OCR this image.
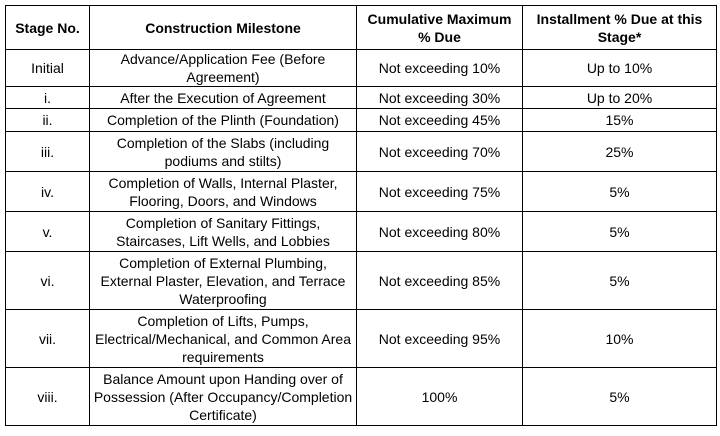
Stage No.	Construction Milestone	Cumulative Maximum % Due	Installment % Due at this Stage*
Initial	Advance/Application Fee (Before Agreement)	Not exceeding 10%	Up to 10%
i.	After the Execution of Agreement	Not exceeding 30%	Up to 20%
ii.	Completion of the Plinth (Foundation)	Not exceeding 45%	15%
iii.	Completion of the Slabs (including podiums and stilts)	Not exceeding 70%	25%
iv.	Completion of Walls, Internal Plaster, Flooring, Doors, and Windows	Not exceeding 75%	5%
v.	Completion of Sanitary Fittings, Staircases, Lift Wells, and Lobbies	Not exceeding 80%	5%
vi.	Completion of External Plumbing, External Plaster, Elevation, and Terrace Waterproofing	Not exceeding 85%	5%
vii.	Completion of Lifts, Pumps, Electrical/Mechanical, and Common Area requirements	Not exceeding 95%	10%
viii.	Balance Amount upon Handing over of Possession (After Occupancy/Completion Certificate)	100%	5%
